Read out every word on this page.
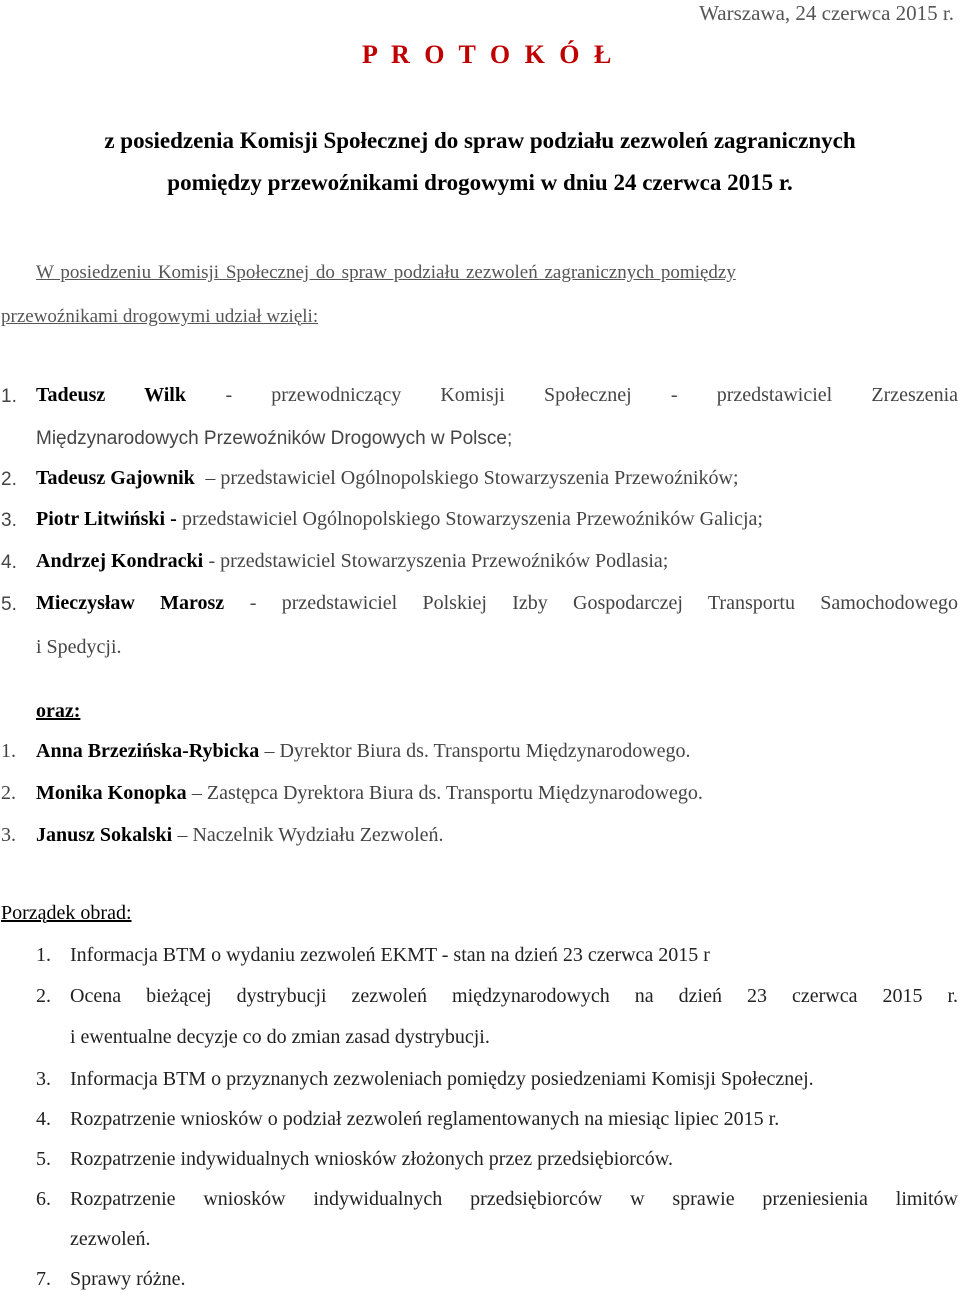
Warszawa, 24 czerwca 2015 r.
P R O T O K Ó Ł
z posiedzenia Komisji Społecznej do spraw podziału zezwoleń zagranicznych
pomiędzy przewoźnikami drogowymi w dniu 24 czerwca 2015 r.
W posiedzeniu Komisji Społecznej do spraw podziału zezwoleń zagranicznych pomiędzy
przewoźnikami drogowymi udział wzięli:
1. Tadeusz Wilk - przewodniczący Komisji Społecznej - przedstawiciel Zrzeszenia
Międzynarodowych Przewoźników Drogowych w Polsce;
2. Tadeusz Gajownik – przedstawiciel Ogólnopolskiego Stowarzyszenia Przewoźników;
3. Piotr Litwiński - przedstawiciel Ogólnopolskiego Stowarzyszenia Przewoźników Galicja;
4. Andrzej Kondracki - przedstawiciel Stowarzyszenia Przewoźników Podlasia;
5. Mieczysław Marosz - przedstawiciel Polskiej Izby Gospodarczej Transportu Samochodowego
i Spedycji.
oraz:
1. Anna Brzezińska-Rybicka – Dyrektor Biura ds. Transportu Międzynarodowego.
2. Monika Konopka – Zastępca Dyrektora Biura ds. Transportu Międzynarodowego.
3. Janusz Sokalski – Naczelnik Wydziału Zezwoleń.
Porządek obrad:
1. Informacja BTM o wydaniu zezwoleń EKMT - stan na dzień 23 czerwca 2015 r
2. Ocena bieżącej dystrybucji zezwoleń międzynarodowych na dzień 23 czerwca 2015 r.
i ewentualne decyzje co do zmian zasad dystrybucji.
3. Informacja BTM o przyznanych zezwoleniach pomiędzy posiedzeniami Komisji Społecznej.
4. Rozpatrzenie wniosków o podział zezwoleń reglamentowanych na miesiąc lipiec 2015 r.
5. Rozpatrzenie indywidualnych wniosków złożonych przez przedsiębiorców.
6. Rozpatrzenie wniosków indywidualnych przedsiębiorców w sprawie przeniesienia limitów
zezwoleń.
7. Sprawy różne.
